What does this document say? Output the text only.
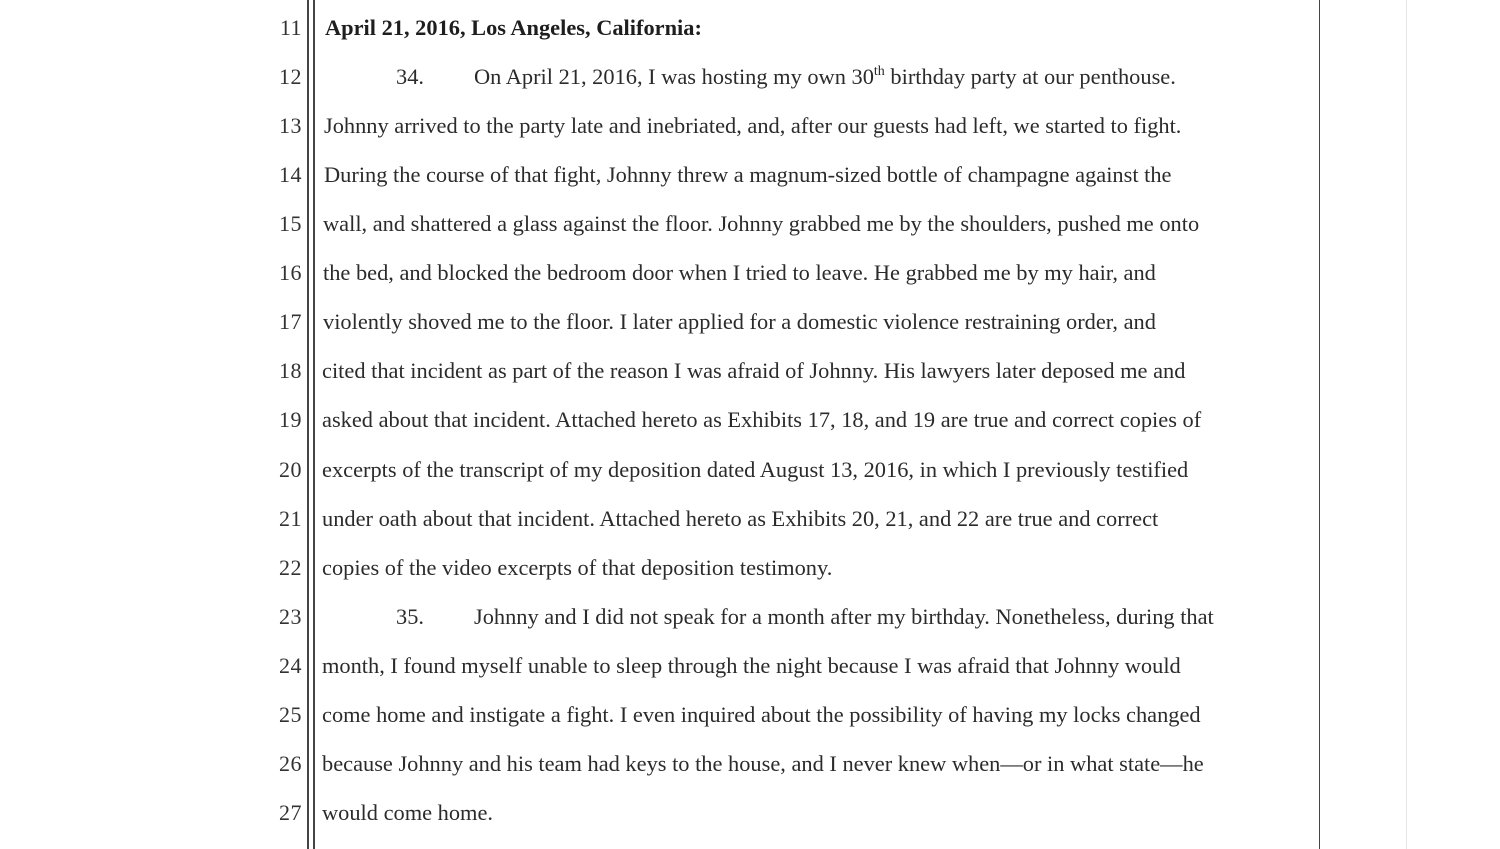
11 April 21, 2016, Los Angeles, California:
12	34. On April 21, 2016, I was hosting my own 30th birthday party at our penthouse.
13 Johnny arrived to the party late and inebriated, and, after our guests had left, we started to fight.
14 During the course of that fight, Johnny threw a magnum-sized bottle of champagne against the
15 wall, and shattered a glass against the floor. Johnny grabbed me by the shoulders, pushed me onto
16 the bed, and blocked the bedroom door when I tried to leave. He grabbed me by my hair, and
17 violently shoved me to the floor. I later applied for a domestic violence restraining order, and
18 cited that incident as part of the reason I was afraid of Johnny. His lawyers later deposed me and
19 asked about that incident. Attached hereto as Exhibits 17, 18, and 19 are true and correct copies of
20 excerpts of the transcript of my deposition dated August 13, 2016, in which I previously testified
21 under oath about that incident. Attached hereto as Exhibits 20, 21, and 22 are true and correct
22 copies of the video excerpts of that deposition testimony.
23	35. Johnny and I did not speak for a month after my birthday. Nonetheless, during that
24 month, I found myself unable to sleep through the night because I was afraid that Johnny would
25 come home and instigate a fight. I even inquired about the possibility of having my locks changed
26 because Johnny and his team had keys to the house, and I never knew when—or in what state—he
27 would come home.
